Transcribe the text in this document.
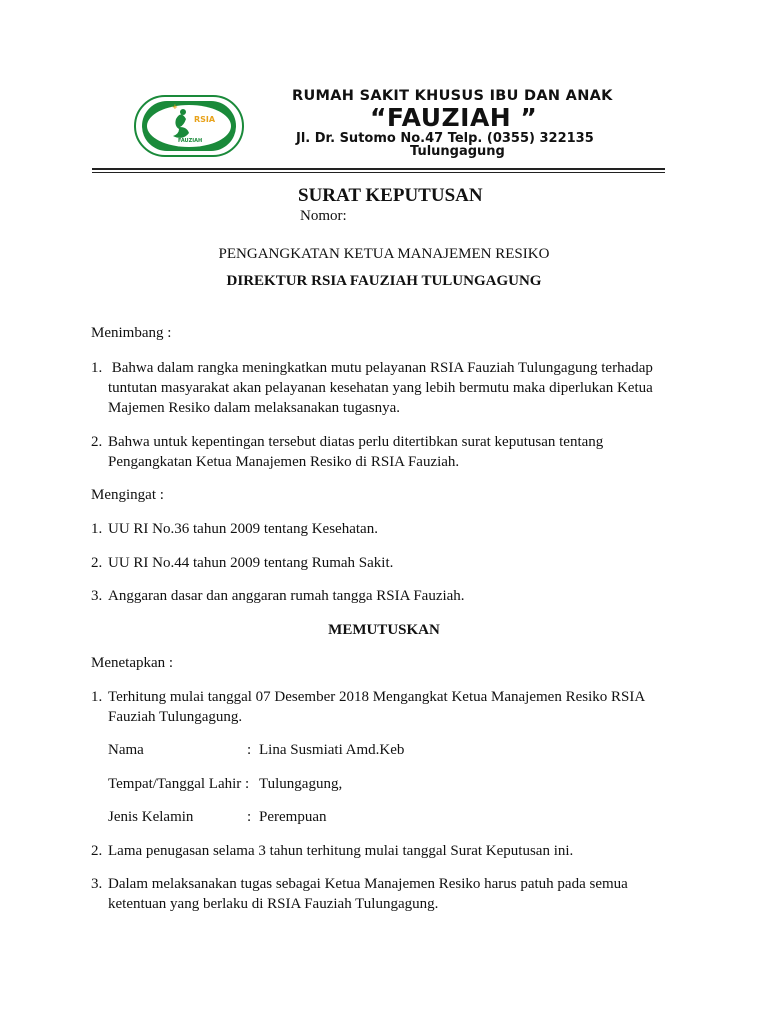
+
RSIA
FAUZIAH
RUMAH SAKIT KHUSUS IBU DAN ANAK
“FAUZIAH ”
Jl. Dr. Sutomo No.47 Telp. (0355) 322135
Tulungagung
SURAT KEPUTUSAN
Nomor:
PENGANGKATAN KETUA MANAJEMEN RESIKO
DIREKTUR RSIA FAUZIAH TULUNGAGUNG
Menimbang :
1. Bahwa dalam rangka meningkatkan mutu pelayanan RSIA Fauziah Tulungagung terhadap
tuntutan masyarakat akan pelayanan kesehatan yang lebih bermutu maka diperlukan Ketua
Majemen Resiko dalam melaksanakan tugasnya.
2. Bahwa untuk kepentingan tersebut diatas perlu ditertibkan surat keputusan tentang
Pengangkatan Ketua Manajemen Resiko di RSIA Fauziah.
Mengingat :
1. UU RI No.36 tahun 2009 tentang Kesehatan.
2. UU RI No.44 tahun 2009 tentang Rumah Sakit.
3. Anggaran dasar dan anggaran rumah tangga RSIA Fauziah.
MEMUTUSKAN
Menetapkan :
1. Terhitung mulai tanggal 07 Desember 2018 Mengangkat Ketua Manajemen Resiko RSIA
Fauziah Tulungagung.
Nama	: Lina Susmiati Amd.Keb
Tempat/Tanggal Lahir : Tulungagung,
Jenis Kelamin	: Perempuan
2. Lama penugasan selama 3 tahun terhitung mulai tanggal Surat Keputusan ini.
3. Dalam melaksanakan tugas sebagai Ketua Manajemen Resiko harus patuh pada semua
ketentuan yang berlaku di RSIA Fauziah Tulungagung.
